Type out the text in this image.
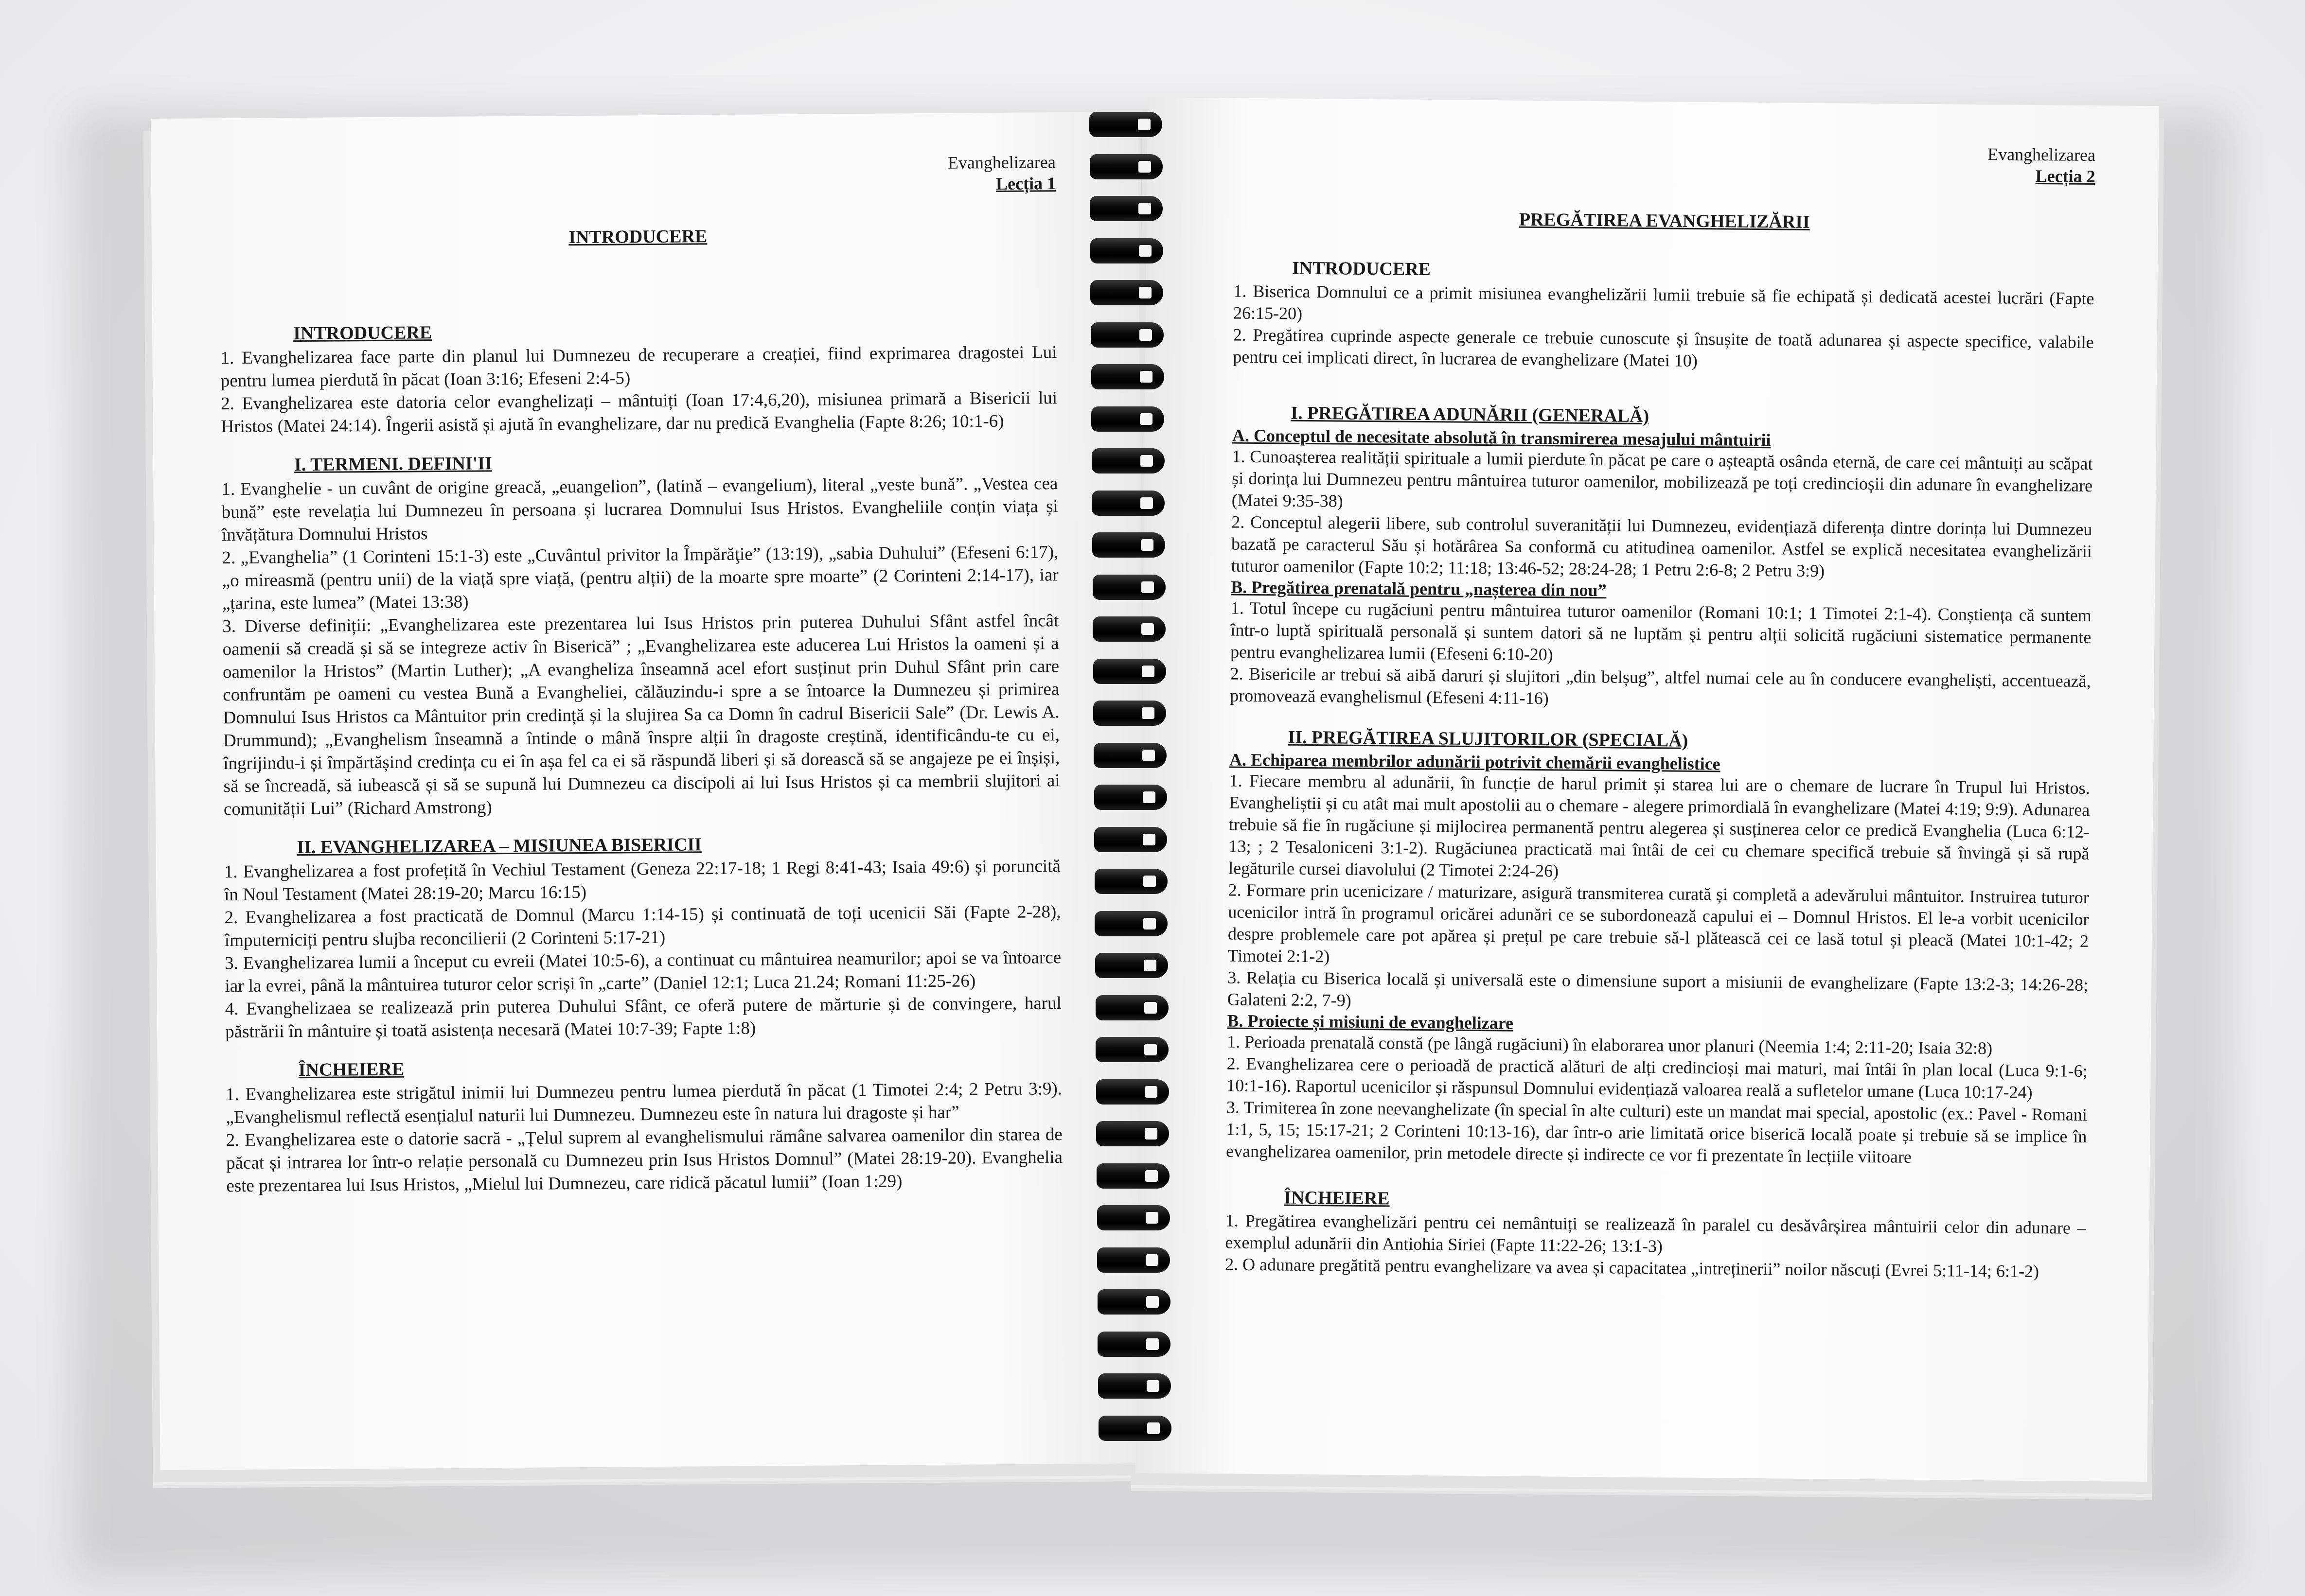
Evanghelizarea
Lecția 1
INTRODUCERE
INTRODUCERE

1. Evanghelizarea face parte din planul lui Dumnezeu de recuperare a creației, fiind exprimarea dragostei Lui pentru lumea pierdută în păcat (Ioan 3:16; Efeseni 2:4-5)

2. Evanghelizarea este datoria celor evanghelizați – mântuiți (Ioan 17:4,6,20), misiunea primară a Bisericii lui Hristos (Matei 24:14). Îngerii asistă și ajută în evanghelizare, dar nu predică Evanghelia (Fapte 8:26; 10:1-6)

I. TERMENI. DEFINI'II

1. Evanghelie - un cuvânt de origine greacă, „euangelion”, (latină – evangelium), literal „veste bună”. „Vestea cea bună” este revelația lui Dumnezeu în persoana și lucrarea Domnului Isus Hristos. Evangheliile conțin viața și învățătura Domnului Hristos

2. „Evanghelia” (1 Corinteni 15:1-3) este „Cuvântul privitor la Împărăţie” (13:19), „sabia Duhului” (Efeseni 6:17), „o mireasmă (pentru unii) de la viață spre viață, (pentru alții) de la moarte spre moarte” (2 Corinteni 2:14-17), iar „țarina, este lumea” (Matei 13:38)

3. Diverse definiții: „Evanghelizarea este prezentarea lui Isus Hristos prin puterea Duhului Sfânt astfel încât oamenii să creadă și să se integreze activ în Biserică” ; „Evanghelizarea este aducerea Lui Hristos la oameni și a oamenilor la Hristos” (Martin Luther); „A evangheliza înseamnă acel efort susținut prin Duhul Sfânt prin care confruntăm pe oameni cu vestea Bună a Evangheliei, călăuzindu-i spre a se întoarce la Dumnezeu și primirea Domnului Isus Hristos ca Mântuitor prin credință și la slujirea Sa ca Domn în cadrul Bisericii Sale” (Dr. Lewis A. Drummund); „Evanghelism înseamnă a întinde o mână înspre alții în dragoste creștină, identificându-te cu ei, îngrijindu-i și împărtășind credința cu ei în așa fel ca ei să răspundă liberi și să dorească să se angajeze pe ei înșiși, să se încreadă, să iubească și să se supună lui Dumnezeu ca discipoli ai lui Isus Hristos și ca membrii slujitori ai comunității Lui” (Richard Amstrong)

II. EVANGHELIZAREA – MISIUNEA BISERICII

1. Evanghelizarea a fost profețită în Vechiul Testament (Geneza 22:17-18; 1 Regi 8:41-43; Isaia 49:6) și poruncită în Noul Testament (Matei 28:19-20; Marcu 16:15)

2. Evanghelizarea a fost practicată de Domnul (Marcu 1:14-15) și continuată de toți ucenicii Săi (Fapte 2-28), împuterniciți pentru slujba reconcilierii (2 Corinteni 5:17-21)

3. Evanghelizarea lumii a început cu evreii (Matei 10:5-6), a continuat cu mântuirea neamurilor; apoi se va întoarce iar la evrei, până la mântuirea tuturor celor scriși în „carte” (Daniel 12:1; Luca 21.24; Romani 11:25-26)

4. Evanghelizaea se realizează prin puterea Duhului Sfânt, ce oferă putere de mărturie și de convingere, harul păstrării în mântuire și toată asistența necesară (Matei 10:7-39; Fapte 1:8)

ÎNCHEIERE

1. Evanghelizarea este strigătul inimii lui Dumnezeu pentru lumea pierdută în păcat (1 Timotei 2:4; 2 Petru 3:9). „Evanghelismul reflectă esențialul naturii lui Dumnezeu. Dumnezeu este în natura lui dragoste și har”

2. Evanghelizarea este o datorie sacră - „Țelul suprem al evanghelismului rămâne salvarea oamenilor din starea de păcat și intrarea lor într-o relație personală cu Dumnezeu prin Isus Hristos Domnul” (Matei 28:19-20). Evanghelia este prezentarea lui Isus Hristos, „Mielul lui Dumnezeu, care ridică păcatul lumii” (Ioan 1:29)

Evanghelizarea
Lecția 2
PREGĂTIREA EVANGHELIZĂRII
INTRODUCERE

1. Biserica Domnului ce a primit misiunea evanghelizării lumii trebuie să fie echipată și dedicată acestei lucrări (Fapte 26:15-20)

2. Pregătirea cuprinde aspecte generale ce trebuie cunoscute și însușite de toată adunarea și aspecte specifice, valabile pentru cei implicati direct, în lucrarea de evanghelizare (Matei 10)

I. PREGĂTIREA ADUNĂRII (GENERALĂ)
A. Conceptul de necesitate absolută în transmirerea mesajului mântuirii

1. Cunoașterea realității spirituale a lumii pierdute în păcat pe care o așteaptă osânda eternă, de care cei mântuiți au scăpat și dorința lui Dumnezeu pentru mântuirea tuturor oamenilor, mobilizează pe toți credincioșii din adunare în evanghelizare (Matei 9:35-38)

2. Conceptul alegerii libere, sub controlul suveranității lui Dumnezeu, evidențiază diferența dintre dorința lui Dumnezeu bazată pe caracterul Său și hotărârea Sa conformă cu atitudinea oamenilor. Astfel se explică necesitatea evanghelizării tuturor oamenilor (Fapte 10:2; 11:18; 13:46-52; 28:24-28; 1 Petru 2:6-8; 2 Petru 3:9)

B. Pregătirea prenatală pentru „nașterea din nou”

1. Totul începe cu rugăciuni pentru mântuirea tuturor oamenilor (Romani 10:1; 1 Timotei 2:1-4). Conștiența că suntem într-o luptă spirituală personală și suntem datori să ne luptăm și pentru alții solicită rugăciuni sistematice permanente pentru evanghelizarea lumii (Efeseni 6:10-20)

2. Bisericile ar trebui să aibă daruri și slujitori „din belșug”, altfel numai cele au în conducere evangheliști, accentuează, promovează evanghelismul (Efeseni 4:11-16)

II. PREGĂTIREA SLUJITORILOR (SPECIALĂ)
A. Echiparea membrilor adunării potrivit chemării evanghelistice

1. Fiecare membru al adunării, în funcție de harul primit și starea lui are o chemare de lucrare în Trupul lui Hristos. Evangheliștii și cu atât mai mult apostolii au o chemare - alegere primordială în evanghelizare (Matei 4:19; 9:9). Adunarea trebuie să fie în rugăciune și mijlocirea permanentă pentru alegerea și susținerea celor ce predică Evanghelia (Luca 6:12-13; ; 2 Tesaloniceni 3:1-2). Rugăciunea practicată mai întâi de cei cu chemare specifică trebuie să învingă și să rupă legăturile cursei diavolului (2 Timotei 2:24-26)

2. Formare prin ucenicizare / maturizare, asigură transmiterea curată și completă a adevărului mântuitor. Instruirea tuturor ucenicilor intră în programul oricărei adunări ce se subordonează capului ei – Domnul Hristos. El le-a vorbit ucenicilor despre problemele care pot apărea și prețul pe care trebuie să-l plătească cei ce lasă totul și pleacă (Matei 10:1-42; 2 Timotei 2:1-2)

3. Relația cu Biserica locală și universală este o dimensiune suport a misiunii de evanghelizare (Fapte 13:2-3; 14:26-28; Galateni 2:2, 7-9)

B. Proiecte și misiuni de evanghelizare

1. Perioada prenatală constă (pe lângă rugăciuni) în elaborarea unor planuri (Neemia 1:4; 2:11-20; Isaia 32:8)

2. Evanghelizarea cere o perioadă de practică alături de alți credincioși mai maturi, mai întâi în plan local (Luca 9:1-6; 10:1-16). Raportul ucenicilor și răspunsul Domnului evidențiază valoarea reală a sufletelor umane (Luca 10:17-24)

3. Trimiterea în zone neevanghelizate (în special în alte culturi) este un mandat mai special, apostolic (ex.: Pavel - Romani 1:1, 5, 15; 15:17-21; 2 Corinteni 10:13-16), dar într-o arie limitată orice biserică locală poate și trebuie să se implice în evanghelizarea oamenilor, prin metodele directe și indirecte ce vor fi prezentate în lecțiile viitoare

ÎNCHEIERE

1. Pregătirea evanghelizări pentru cei nemântuiți se realizează în paralel cu desăvârșirea mântuirii celor din adunare – exemplul adunării din Antiohia Siriei (Fapte 11:22-26; 13:1-3)

2. O adunare pregătită pentru evanghelizare va avea și capacitatea „intreținerii” noilor născuți (Evrei 5:11-14; 6:1-2)
